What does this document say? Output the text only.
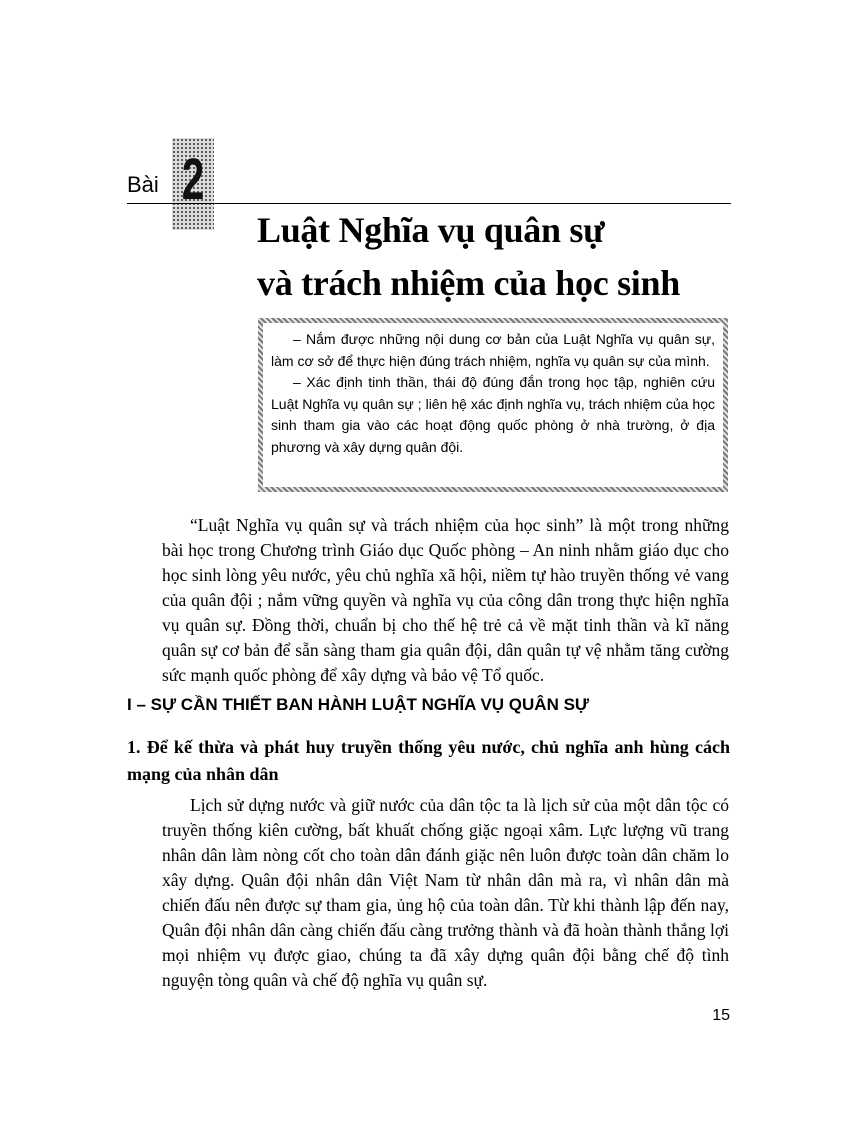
Bài 2
Luật Nghĩa vụ quân sự
và trách nhiệm của học sinh

– Nắm được những nội dung cơ bản của Luật Nghĩa vụ quân sự, làm cơ sở để thực hiện đúng trách nhiệm, nghĩa vụ quân sự của mình.

– Xác định tinh thần, thái độ đúng đắn trong học tập, nghiên cứu Luật Nghĩa vụ quân sự ; liên hệ xác định nghĩa vụ, trách nhiệm của học sinh tham gia vào các hoạt động quốc phòng ở nhà trường, ở địa phương và xây dựng quân đội.

“Luật Nghĩa vụ quân sự và trách nhiệm của học sinh” là một trong những bài học trong Chương trình Giáo dục Quốc phòng – An ninh nhằm giáo dục cho học sinh lòng yêu nước, yêu chủ nghĩa xã hội, niềm tự hào truyền thống vẻ vang của quân đội ; nắm vững quyền và nghĩa vụ của công dân trong thực hiện nghĩa vụ quân sự. Đồng thời, chuẩn bị cho thế hệ trẻ cả về mặt tinh thần và kĩ năng quân sự cơ bản để sẵn sàng tham gia quân đội, dân quân tự vệ nhằm tăng cường sức mạnh quốc phòng để xây dựng và bảo vệ Tổ quốc.

I – SỰ CẦN THIẾT BAN HÀNH LUẬT NGHĨA VỤ QUÂN SỰ
1. Để kế thừa và phát huy truyền thống yêu nước, chủ nghĩa anh hùng cách mạng của nhân dân

Lịch sử dựng nước và giữ nước của dân tộc ta là lịch sử của một dân tộc có truyền thống kiên cường, bất khuất chống giặc ngoại xâm. Lực lượng vũ trang nhân dân làm nòng cốt cho toàn dân đánh giặc nên luôn được toàn dân chăm lo xây dựng. Quân đội nhân dân Việt Nam từ nhân dân mà ra, vì nhân dân mà chiến đấu nên được sự tham gia, ủng hộ của toàn dân. Từ khi thành lập đến nay, Quân đội nhân dân càng chiến đấu càng trưởng thành và đã hoàn thành thắng lợi mọi nhiệm vụ được giao, chúng ta đã xây dựng quân đội bằng chế độ tình nguyện tòng quân và chế độ nghĩa vụ quân sự.

15
